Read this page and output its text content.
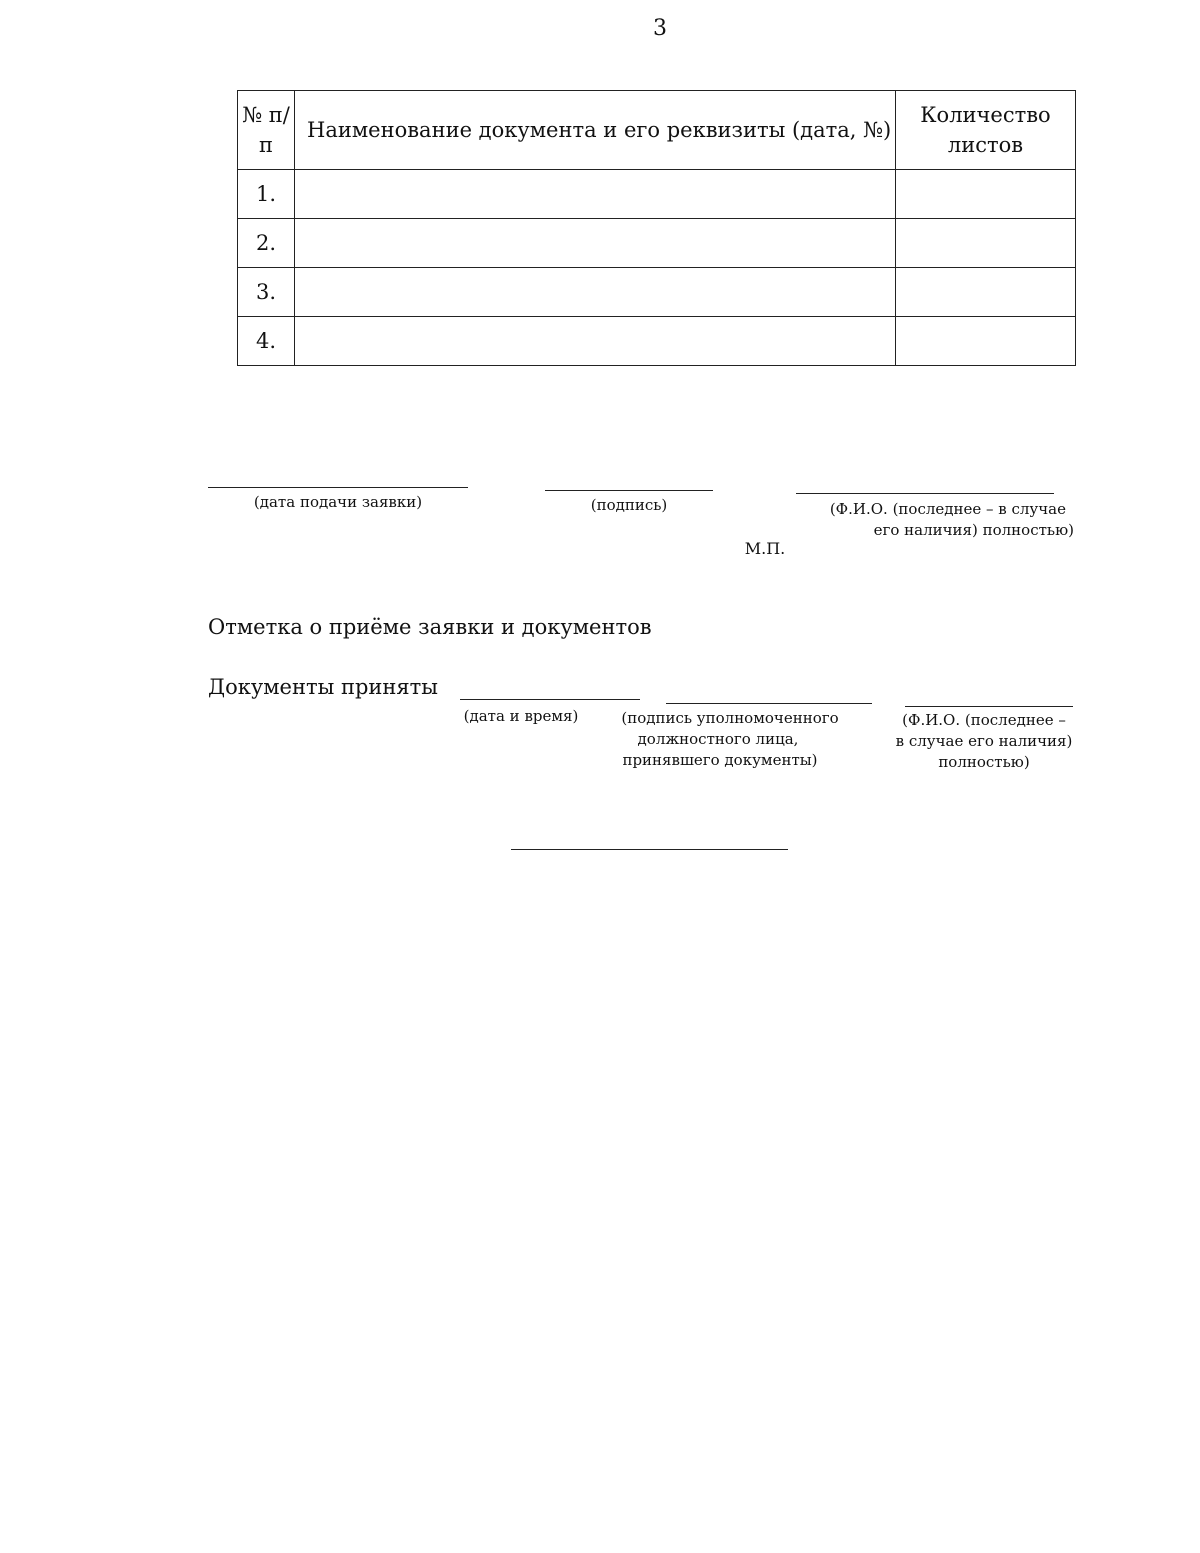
3
№ п/п	Наименование документа и его реквизиты (дата, №)	Количество листов
1.		
2.		
3.		
4.		
(дата подачи заявки)	(подпись)	(Ф.И.О. (последнее – в случае
его наличия) полностью)
М.П.
Отметка о приёме заявки и документов
Документы приняты
(дата и время)	(подпись уполномоченного
должностного лица,
принявшего документы)
(Ф.И.О. (последнее –
в случае его наличия)
полностью)
